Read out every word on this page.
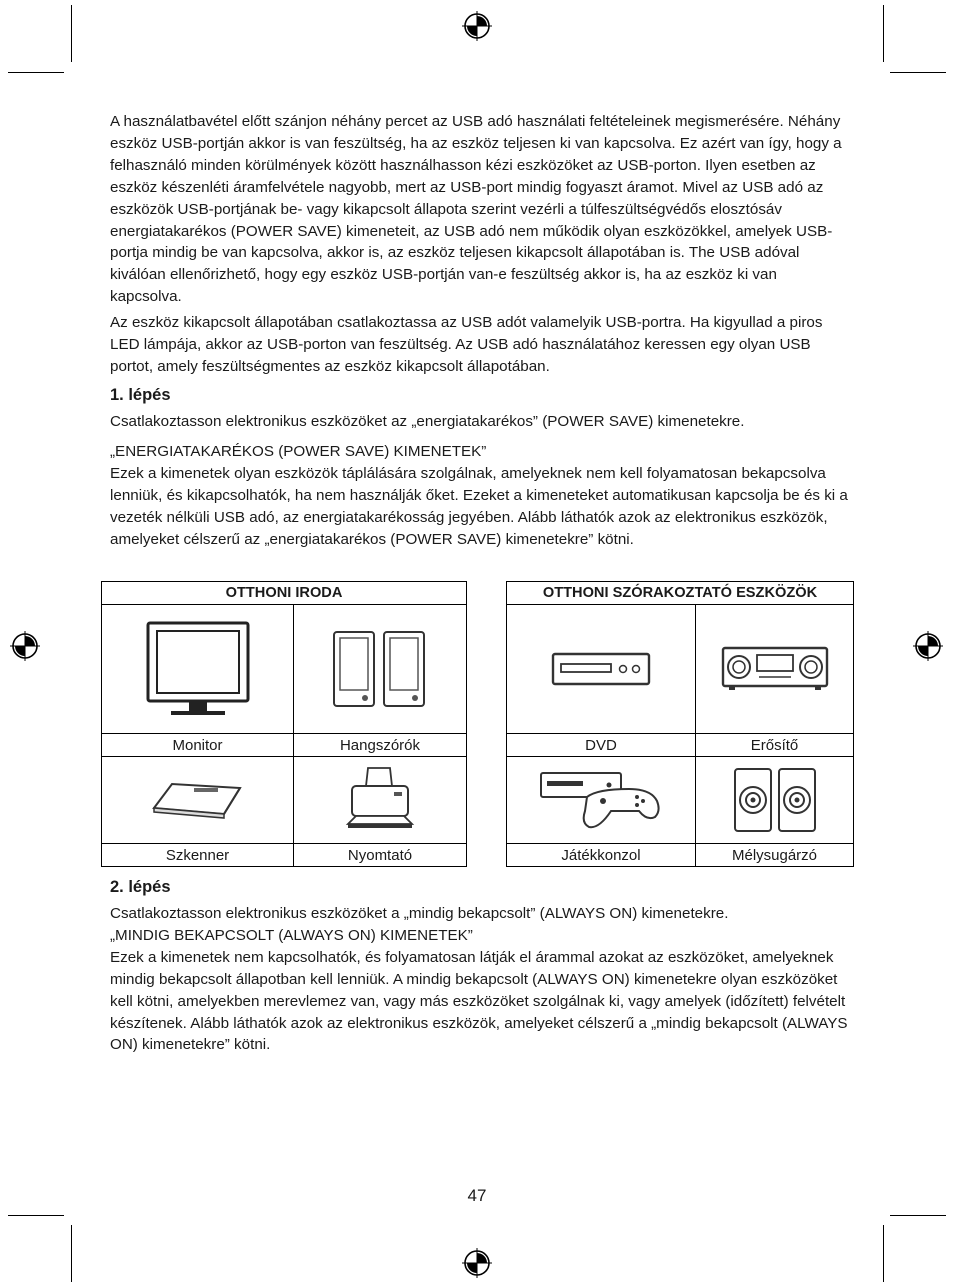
A használatbavétel előtt szánjon néhány percet az USB adó használati feltételeinek megismerésére. Néhány eszköz USB-portján akkor is van feszültség, ha az eszköz teljesen ki van kapcsolva. Ez azért van így, hogy a felhasználó minden körülmények között használhasson kézi eszközöket az USB-porton. Ilyen esetben az eszköz készenléti áramfelvétele nagyobb, mert az USB-port mindig fogyaszt áramot. Mivel az USB adó az eszközök USB-portjának be- vagy kikapcsolt állapota szerint vezérli a túlfeszültségvédős elosztósáv energiatakarékos (POWER SAVE) kimeneteit, az USB adó nem működik olyan eszközökkel, amelyek USB-portja mindig be van kapcsolva, akkor is, az eszköz teljesen kikapcsolt állapotában is. The USB adóval kiválóan ellenőrizhető, hogy egy eszköz USB-portján van-e feszültség akkor is, ha az eszköz ki van kapcsolva.

Az eszköz kikapcsolt állapotában csatlakoztassa az USB adót valamelyik USB-portra. Ha kigyullad a piros LED lámpája, akkor az USB-porton van feszültség. Az USB adó használatához keressen egy olyan USB portot, amely feszültségmentes az eszköz kikapcsolt állapotában.

1. lépés

Csatlakoztasson elektronikus eszközöket az „energiatakarékos” (POWER SAVE) kimenetekre.

„ENERGIATAKARÉKOS (POWER SAVE) KIMENETEK”

Ezek a kimenetek olyan eszközök táplálására szolgálnak, amelyeknek nem kell folyamatosan bekapcsolva lenniük, és kikapcsolhatók, ha nem használják őket. Ezeket a kimeneteket automatikusan kapcsolja be és ki a vezeték nélküli USB adó, az energiatakarékosság jegyében. Alább láthatók azok az elektronikus eszközök, amelyeket célszerű az „energiatakarékos (POWER SAVE) kimenetekre” kötni.

OTTHONI IRODA	

Monitor	Hangszórók

Szkenner	Nyomtató
OTTHONI SZÓRAKOZTATÓ ESZKÖZÖK	

DVD	Erősítő

Játékkonzol	Mélysugárzó
2. lépés

Csatlakoztasson elektronikus eszközöket a „mindig bekapcsolt” (ALWAYS ON) kimenetekre.

„MINDIG BEKAPCSOLT (ALWAYS ON) KIMENETEK”

Ezek a kimenetek nem kapcsolhatók, és folyamatosan látják el árammal azokat az eszközöket, amelyeknek mindig bekapcsolt állapotban kell lenniük. A mindig bekapcsolt (ALWAYS ON) kimenetekre olyan eszközöket kell kötni, amelyekben merevlemez van, vagy más eszközöket szolgálnak ki, vagy amelyek (időzített) felvételt készítenek. Alább láthatók azok az elektronikus eszközök, amelyeket célszerű a „mindig bekapcsolt (ALWAYS ON) kimenetekre” kötni.

47
